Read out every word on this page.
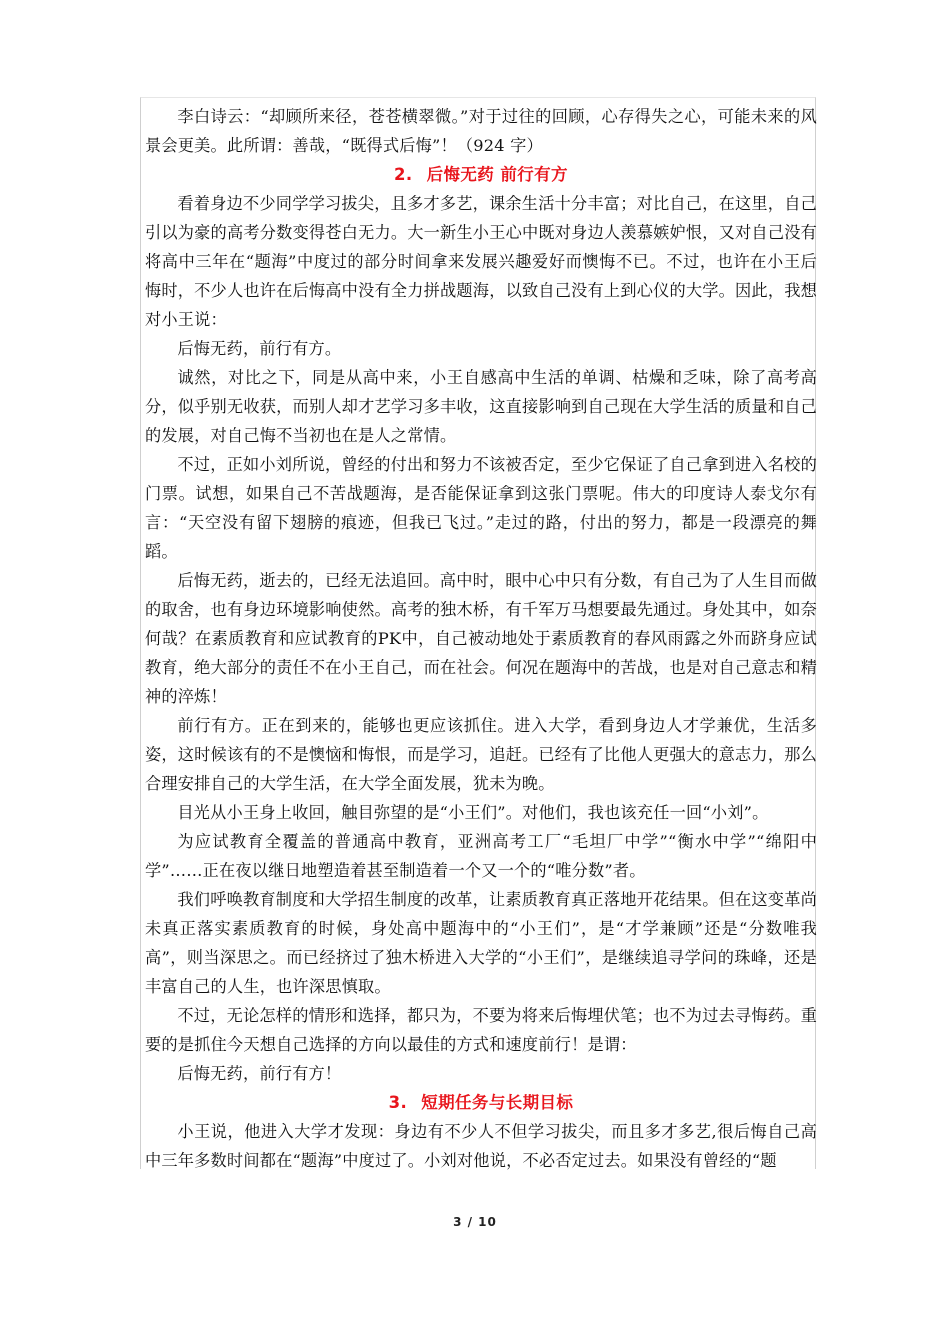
李白诗云：“却顾所来径，苍苍横翠微。”对于过往的回顾，心存得失之心，可能未来的风景会更美。此所谓：善哉，“既得式后悔”！（924 字）

2. 后悔无药 前行有方

看着身边不少同学学习拔尖，且多才多艺，课余生活十分丰富；对比自己，在这里，自己引以为豪的高考分数变得苍白无力。大一新生小王心中既对身边人羡慕嫉妒恨，又对自己没有将高中三年在“题海”中度过的部分时间拿来发展兴趣爱好而懊悔不已。不过，也许在小王后悔时，不少人也许在后悔高中没有全力拼战题海，以致自己没有上到心仪的大学。因此，我想对小王说：

后悔无药，前行有方。

诚然，对比之下，同是从高中来，小王自感高中生活的单调、枯燥和乏味，除了高考高分，似乎别无收获，而别人却才艺学习多丰收，这直接影响到自己现在大学生活的质量和自己的发展，对自己悔不当初也在是人之常情。

不过，正如小刘所说，曾经的付出和努力不该被否定，至少它保证了自己拿到进入名校的门票。试想，如果自己不苦战题海，是否能保证拿到这张门票呢。伟大的印度诗人泰戈尔有言：“天空没有留下翅膀的痕迹，但我已飞过。”走过的路，付出的努力，都是一段漂亮的舞蹈。

后悔无药，逝去的，已经无法追回。高中时，眼中心中只有分数，有自己为了人生目而做的取舍，也有身边环境影响使然。高考的独木桥，有千军万马想要最先通过。身处其中，如奈何哉？在素质教育和应试教育的PK中，自己被动地处于素质教育的春风雨露之外而跻身应试教育，绝大部分的责任不在小王自己，而在社会。何况在题海中的苦战，也是对自己意志和精神的淬炼！

前行有方。正在到来的，能够也更应该抓住。进入大学，看到身边人才学兼优，生活多姿，这时候该有的不是懊恼和悔恨，而是学习，追赶。已经有了比他人更强大的意志力，那么合理安排自己的大学生活，在大学全面发展，犹未为晚。

目光从小王身上收回，触目弥望的是“小王们”。对他们，我也该充任一回“小刘”。

为应试教育全覆盖的普通高中教育，亚洲高考工厂“毛坦厂中学”“衡水中学”“绵阳中学”……正在夜以继日地塑造着甚至制造着一个又一个的“唯分数”者。

我们呼唤教育制度和大学招生制度的改革，让素质教育真正落地开花结果。但在这变革尚未真正落实素质教育的时候，身处高中题海中的“小王们”，是“才学兼顾”还是“分数唯我高”，则当深思之。而已经挤过了独木桥进入大学的“小王们”，是继续追寻学问的珠峰，还是丰富自己的人生，也许深思慎取。

不过，无论怎样的情形和选择，都只为，不要为将来后悔埋伏笔；也不为过去寻悔药。重要的是抓住今天想自己选择的方向以最佳的方式和速度前行！是谓：

后悔无药，前行有方！

3. 短期任务与长期目标

小王说，他进入大学才发现：身边有不少人不但学习拔尖，而且多才多艺,很后悔自己高中三年多数时间都在“题海”中度过了。小刘对他说，不必否定过去。如果没有曾经的“题

3 / 10
